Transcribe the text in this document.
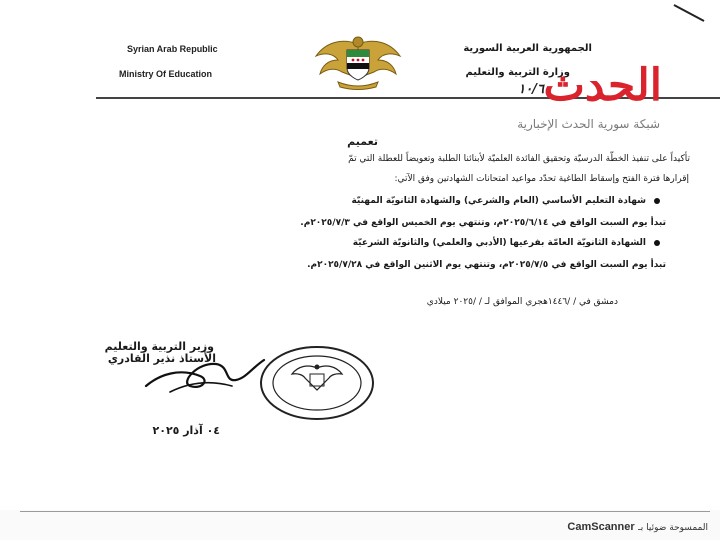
Syrian Arab Republic
Ministry Of Education
الجمهورية العربية السورية
وزارة التربية والتعليم
١٠/٦ الحدث
شبكة سورية الحدث الإخبارية
تعميم
تأكيداً على تنفيذ الخطّة الدرسيّة وتحقيق الفائدة العلميّة لأبنائنا الطلبة وتعويضاً للعطلة التي تمّ
إقرارها فترة الفتح وإسقاط الطاغية تحدّد مواعيد امتحانات الشهادتين وفق الآتي:
شهادة التعليم الأساسي (العام والشرعي) والشهادة الثانويّة المهنيّة
تبدأ يوم السبت الواقع في ٢٠٢٥/٦/١٤م، وتنتهي يوم الخميس الواقع في ٢٠٢٥/٧/٣م.
الشهادة الثانويّة العامّة بفرعيها (الأدبي والعلمي) والثانويّة الشرعيّة
تبدأ يوم السبت الواقع في ٢٠٢٥/٧/٥م، وتنتهي يوم الاثنين الواقع في ٢٠٢٥/٧/٢٨م.
دمشق في / /١٤٤٦هجري الموافق لـ / /٢٠٢٥ ميلادي
وزير التربية والتعليم
الأستاذ نذير القادري
٠٤ آذار ٢٠٢٥
CamScanner الممسوحة ضوئيا بـ
